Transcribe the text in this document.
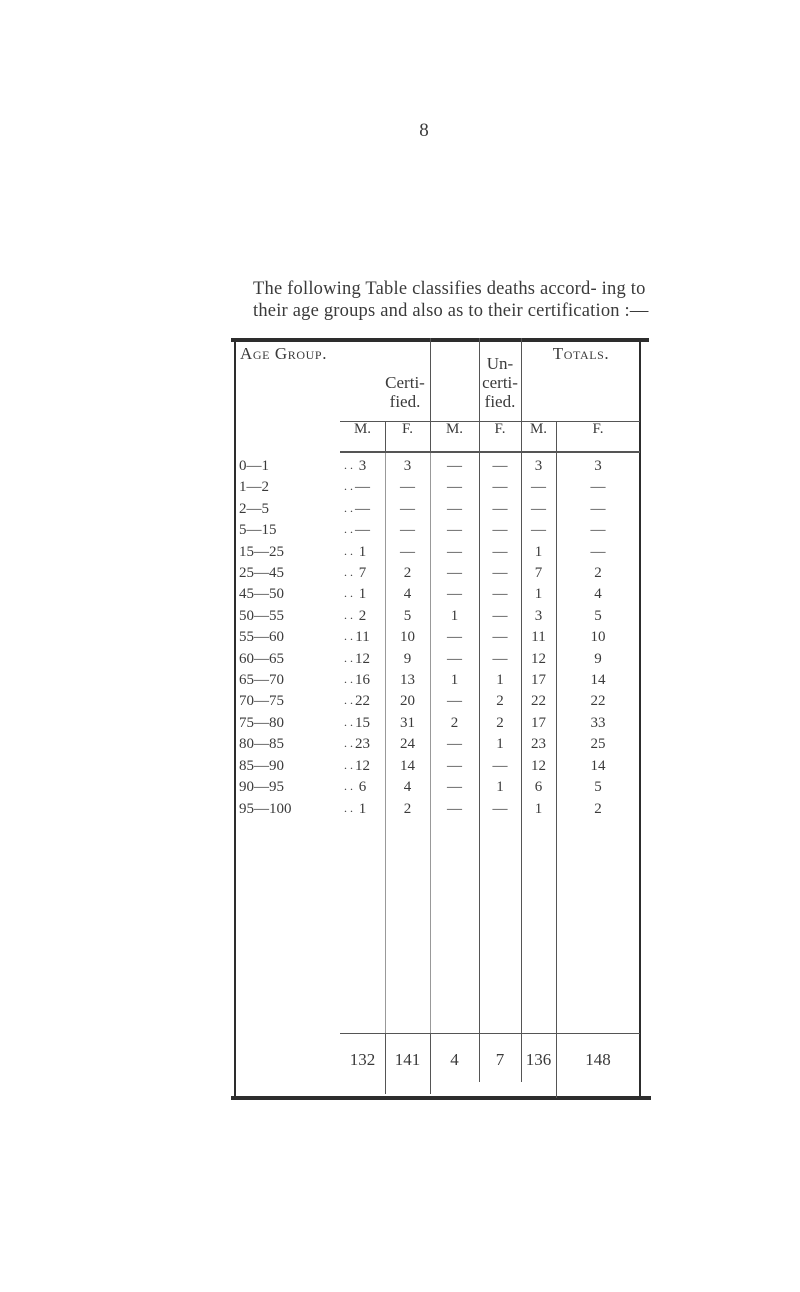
8

The following Table classifies deaths accord- ing to their age groups and also as to their certification :—

Age Group.
Certi-
fied.
Un-
certi-
fied.
Totals.
M.	F.	M.	F.	M.	F.
0—1	. . 3	3	—	—	3	3
1—2	. . —	—	—	—	—	—
2—5	. . —	—	—	—	—	—
5—15	. . —	—	—	—	—	—
15—25	. . 1	—	—	—	1	—
25—45	. . 7	2	—	—	7	2
45—50	. . 1	4	—	—	1	4
50—55	. . 2	5	1	—	3	5
55—60	. . 11	10	—	—	11	10
60—65	. . 12	9	—	—	12	9
65—70	. . 16	13	1	1	17	14
70—75	. . 22	20	—	2	22	22
75—80	. . 15	31	2	2	17	33
80—85	. . 23	24	—	1	23	25
85—90	. . 12	14	—	—	12	14
90—95	. . 6	4	—	1	6	5
95—100	. . 1	2	—	—	1	2
132	141	4	7	136	148
